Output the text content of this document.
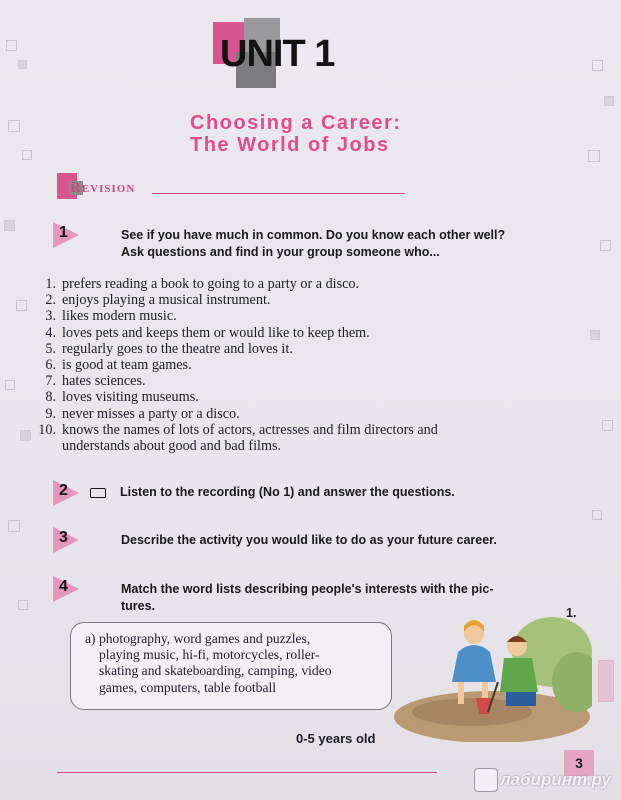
UNIT 1
Choosing a Career:
The World of Jobs
Revision
1	See if you have much in common. Do you know each other well?
Ask questions and find in your group someone who...
1. prefers reading a book to going to a party or a disco.
2. enjoys playing a musical instrument.
3. likes modern music.
4. loves pets and keeps them or would like to keep them.
5. regularly goes to the theatre and loves it.
6. is good at team games.
7. hates sciences.
8. loves visiting museums.
9. never misses a party or a disco.
10. knows the names of lots of actors, actresses and film directors and
understands about good and bad films.
2	Listen to the recording (No 1) and answer the questions.
3	Describe the activity you would like to do as your future career.
4	Match the word lists describing people's interests with the pic-
tures.	1.
a) photography, word games and puzzles,
playing music, hi-fi, motorcycles, roller-
skating and skateboarding, camping, video
games, computers, table football
0-5 years old
3
лабиринт.ру
